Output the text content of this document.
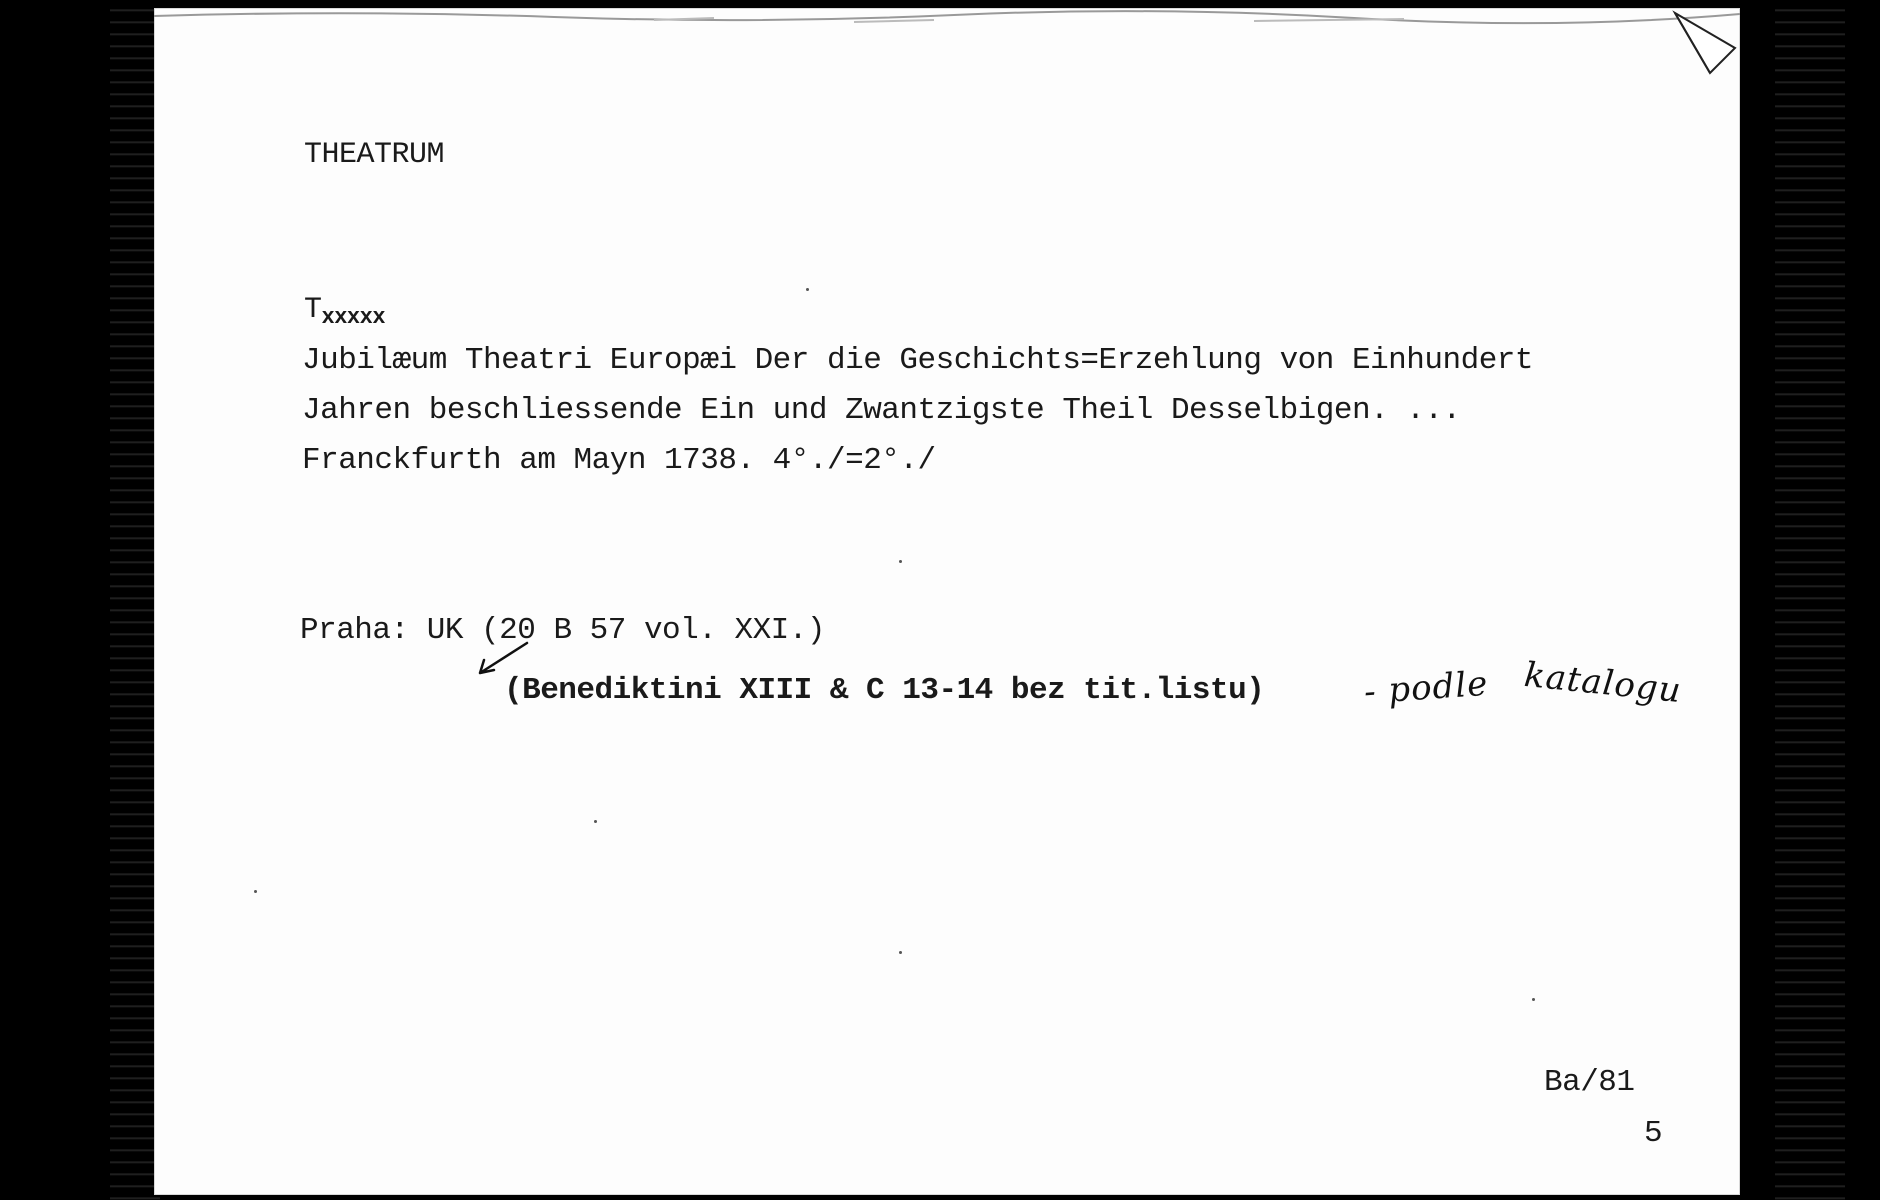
THEATRUM
$T_{xxxxx}$
Jubilæum Theatri Europæi Der die Geschichts=Erzehlung von Einhundert
Jahren beschliessende Ein und Zwantzigste Theil Desselbigen. ...
Franckfurth am Mayn 1738. 4°./=2°./
Praha: UK (20 B 57 vol. XXI.)
(Benediktini XIII & C 13-14 bez tit.listu)	- podle katalogu
Ba/81
5
